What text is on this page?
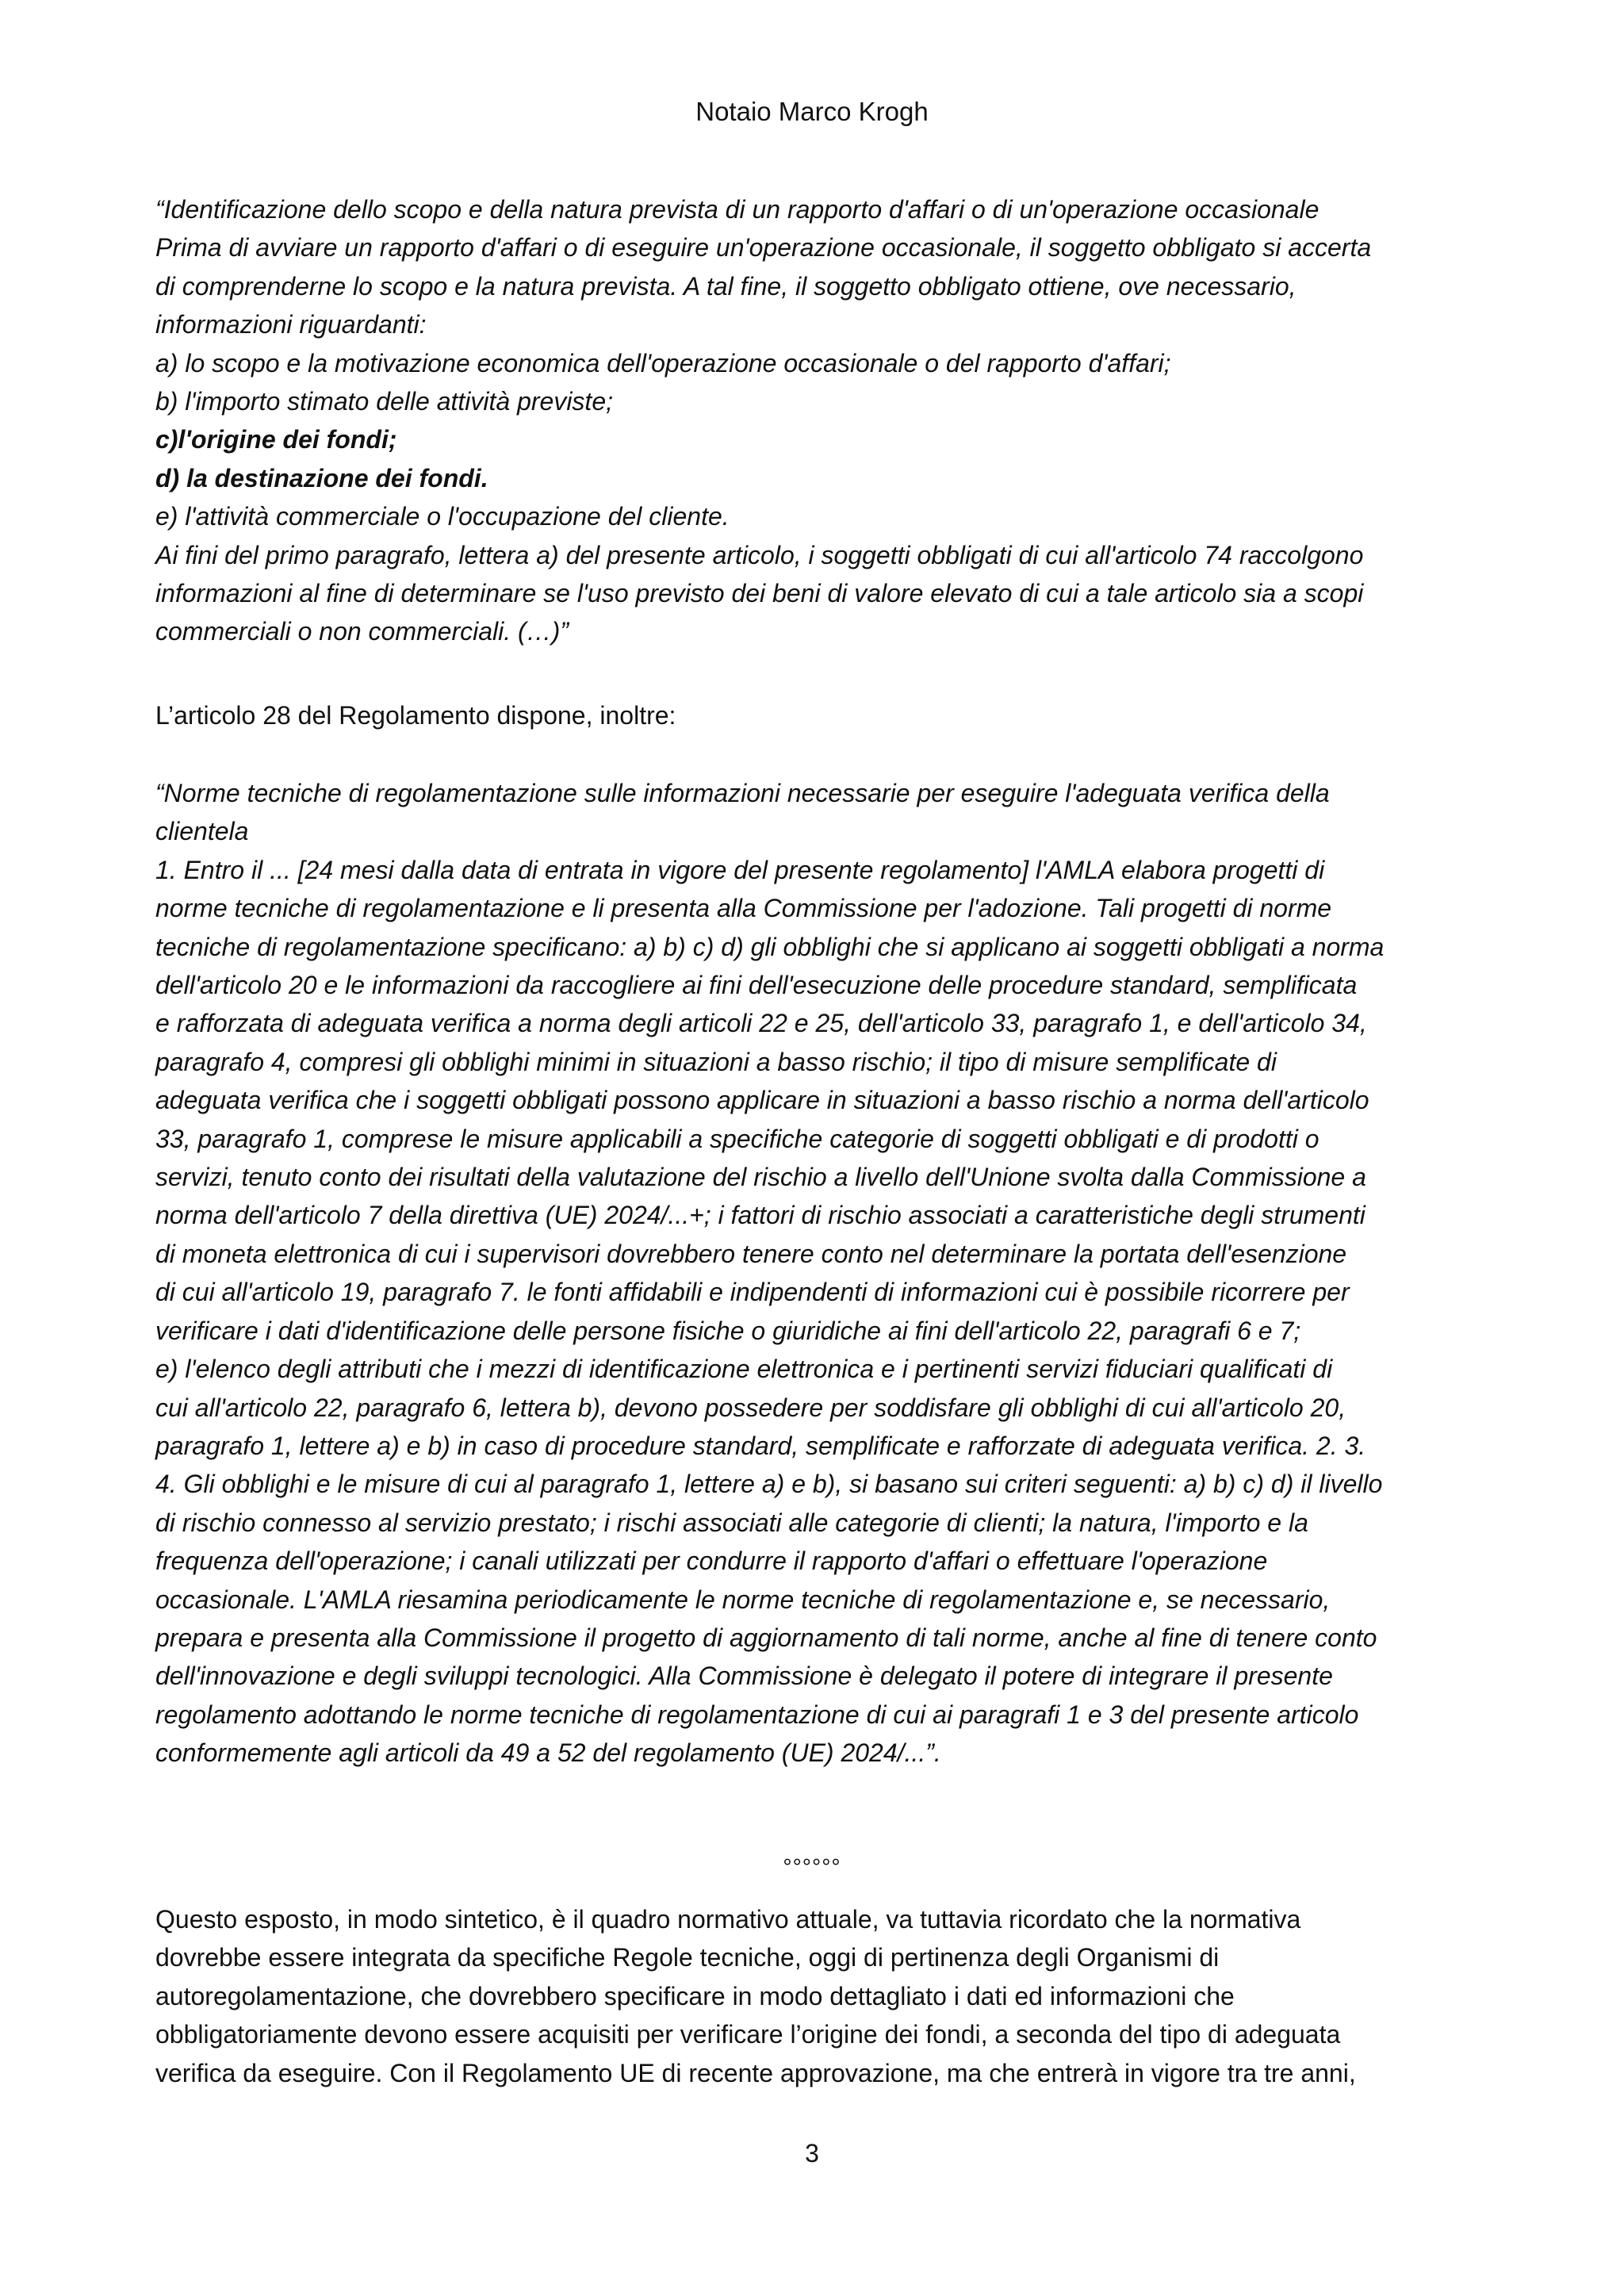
Notaio Marco Krogh
“Identificazione dello scopo e della natura prevista di un rapporto d'affari o di un'operazione occasionale
Prima di avviare un rapporto d'affari o di eseguire un'operazione occasionale, il soggetto obbligato si accerta
di comprenderne lo scopo e la natura prevista. A tal fine, il soggetto obbligato ottiene, ove necessario,
informazioni riguardanti:
a) lo scopo e la motivazione economica dell'operazione occasionale o del rapporto d'affari;
b) l'importo stimato delle attività previste;
c)l'origine dei fondi;
d) la destinazione dei fondi.
e) l'attività commerciale o l'occupazione del cliente.
Ai fini del primo paragrafo, lettera a) del presente articolo, i soggetti obbligati di cui all'articolo 74 raccolgono
informazioni al fine di determinare se l'uso previsto dei beni di valore elevato di cui a tale articolo sia a scopi
commerciali o non commerciali. (…)”
L’articolo 28 del Regolamento dispone, inoltre:
“Norme tecniche di regolamentazione sulle informazioni necessarie per eseguire l'adeguata verifica della
clientela
1. Entro il ... [24 mesi dalla data di entrata in vigore del presente regolamento] l'AMLA elabora progetti di
norme tecniche di regolamentazione e li presenta alla Commissione per l'adozione. Tali progetti di norme
tecniche di regolamentazione specificano: a) b) c) d) gli obblighi che si applicano ai soggetti obbligati a norma
dell'articolo 20 e le informazioni da raccogliere ai fini dell'esecuzione delle procedure standard, semplificata
e rafforzata di adeguata verifica a norma degli articoli 22 e 25, dell'articolo 33, paragrafo 1, e dell'articolo 34,
paragrafo 4, compresi gli obblighi minimi in situazioni a basso rischio; il tipo di misure semplificate di
adeguata verifica che i soggetti obbligati possono applicare in situazioni a basso rischio a norma dell'articolo
33, paragrafo 1, comprese le misure applicabili a specifiche categorie di soggetti obbligati e di prodotti o
servizi, tenuto conto dei risultati della valutazione del rischio a livello dell'Unione svolta dalla Commissione a
norma dell'articolo 7 della direttiva (UE) 2024/...+; i fattori di rischio associati a caratteristiche degli strumenti
di moneta elettronica di cui i supervisori dovrebbero tenere conto nel determinare la portata dell'esenzione
di cui all'articolo 19, paragrafo 7. le fonti affidabili e indipendenti di informazioni cui è possibile ricorrere per
verificare i dati d'identificazione delle persone fisiche o giuridiche ai fini dell'articolo 22, paragrafi 6 e 7;
e) l'elenco degli attributi che i mezzi di identificazione elettronica e i pertinenti servizi fiduciari qualificati di
cui all'articolo 22, paragrafo 6, lettera b), devono possedere per soddisfare gli obblighi di cui all'articolo 20,
paragrafo 1, lettere a) e b) in caso di procedure standard, semplificate e rafforzate di adeguata verifica. 2. 3.
4. Gli obblighi e le misure di cui al paragrafo 1, lettere a) e b), si basano sui criteri seguenti: a) b) c) d) il livello
di rischio connesso al servizio prestato; i rischi associati alle categorie di clienti; la natura, l'importo e la
frequenza dell'operazione; i canali utilizzati per condurre il rapporto d'affari o effettuare l'operazione
occasionale. L'AMLA riesamina periodicamente le norme tecniche di regolamentazione e, se necessario,
prepara e presenta alla Commissione il progetto di aggiornamento di tali norme, anche al fine di tenere conto
dell'innovazione e degli sviluppi tecnologici. Alla Commissione è delegato il potere di integrare il presente
regolamento adottando le norme tecniche di regolamentazione di cui ai paragrafi 1 e 3 del presente articolo
conformemente agli articoli da 49 a 52 del regolamento (UE) 2024/...”.
°°°°°°
Questo esposto, in modo sintetico, è il quadro normativo attuale, va tuttavia ricordato che la normativa
dovrebbe essere integrata da specifiche Regole tecniche, oggi di pertinenza degli Organismi di
autoregolamentazione, che dovrebbero specificare in modo dettagliato i dati ed informazioni che
obbligatoriamente devono essere acquisiti per verificare l’origine dei fondi, a seconda del tipo di adeguata
verifica da eseguire. Con il Regolamento UE di recente approvazione, ma che entrerà in vigore tra tre anni,
3
